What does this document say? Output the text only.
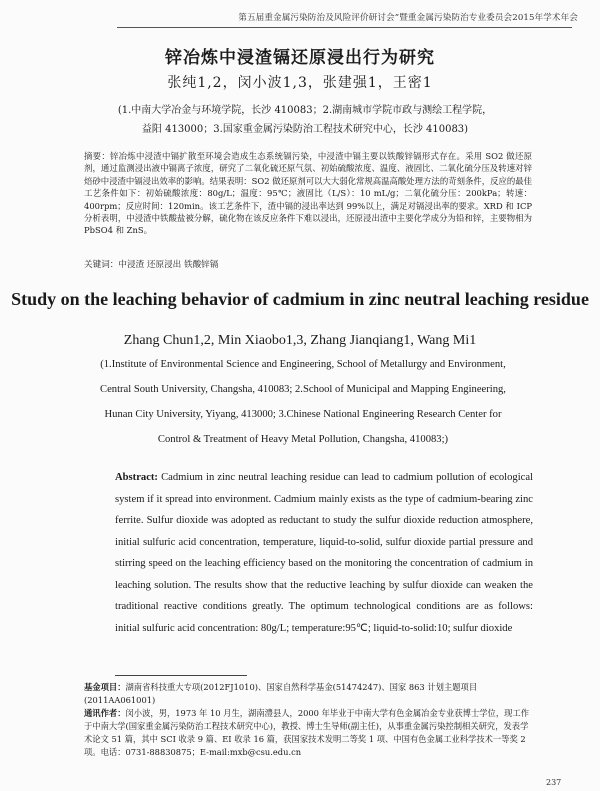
第五届重金属污染防治及风险评价研讨会”暨重金属污染防治专业委员会2015年学术年会
锌冶炼中浸渣镉还原浸出行为研究
张纯1,2，闵小波1,3，张建强1，王密1
(1.中南大学冶金与环境学院，长沙 410083；2.湖南城市学院市政与测绘工程学院，
益阳 413000；3.国家重金属污染防治工程技术研究中心，长沙 410083)
摘要：锌冶炼中浸渣中镉扩散至环境会造成生态系统镉污染，中浸渣中镉主要以铁酸锌镉形式存在。采用 SO2 做还原剂，通过监测浸出液中镉离子浓度，研究了二氧化硫还原气氛、初始硫酸浓度、温度、液固比、二氧化硫分压及转速对锌焙砂中浸渣中镉浸出效率的影响。结果表明：SO2 做还原剂可以大大弱化常规高温高酸处理方法的苛刻条件，反应的最佳工艺条件如下：初始硫酸浓度：80g/L；温度：95℃；液固比（L/S）：10 mL/g；二氧化硫分压：200kPa；转速：400rpm；反应时间：120min。该工艺条件下，渣中镉的浸出率达到 99%以上，满足对镉浸出率的要求。XRD 和 ICP 分析表明，中浸渣中铁酸盐被分解，硫化物在该反应条件下难以浸出，还原浸出渣中主要化学成分为铅和锌，主要物相为 PbSO4 和 ZnS。
关键词：中浸渣 还原浸出 铁酸锌镉
Study on the leaching behavior of cadmium in zinc neutral leaching residue
Zhang Chun1,2, Min Xiaobo1,3, Zhang Jianqiang1, Wang Mi1
(1.Institute of Environmental Science and Engineering, School of Metallurgy and Environment, Central South University, Changsha, 410083; 2.School of Municipal and Mapping Engineering, Hunan City University, Yiyang, 413000; 3.Chinese National Engineering Research Center for Control & Treatment of Heavy Metal Pollution, Changsha, 410083;)
Abstract: Cadmium in zinc neutral leaching residue can lead to cadmium pollution of ecological system if it spread into environment. Cadmium mainly exists as the type of cadmium-bearing zinc ferrite. Sulfur dioxide was adopted as reductant to study the sulfur dioxide reduction atmosphere, initial sulfuric acid concentration, temperature, liquid-to-solid, sulfur dioxide partial pressure and stirring speed on the leaching efficiency based on the monitoring the concentration of cadmium in leaching solution. The results show that the reductive leaching by sulfur dioxide can weaken the traditional reactive conditions greatly. The optimum technological conditions are as follows: initial sulfuric acid concentration: 80g/L; temperature:95℃; liquid-to-solid:10; sulfur dioxide
基金项目：湖南省科技重大专项(2012FJ1010)、国家自然科学基金(51474247)、国家 863 计划主题项目(2011AA061001)
通讯作者：闵小波，男，1973 年 10 月生，湖南澧县人，2000 年毕业于中南大学有色金属冶金专业获博士学位，现工作于中南大学(国家重金属污染防治工程技术研究中心)，教授、博士生导师(副主任)，从事重金属污染控制相关研究，发表学术论文 51 篇，其中 SCI 收录 9 篇、EI 收录 16 篇，获国家技术发明二等奖 1 项、中国有色金属工业科学技术一等奖 2 项。电话：0731-88830875；E-mail:mxb@csu.edu.cn
237
